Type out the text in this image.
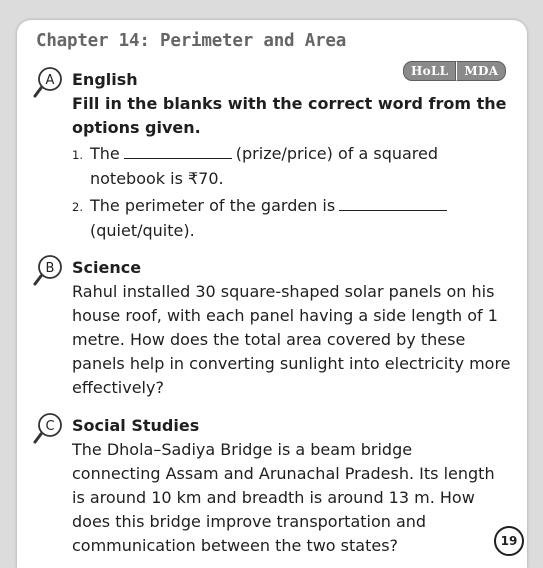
Chapter 14: Perimeter and Area
HoLL	MDA
A English
Fill in the blanks with the correct word from the options given.
1. The	(prize/price) of a squared
notebook is ₹70.
2. The perimeter of the garden is
(quiet/quite).
B Science
Rahul installed 30 square-shaped solar panels on his house roof, with each panel having a side length of 1 metre. How does the total area covered by these panels help in converting sunlight into electricity more effectively?
C Social Studies
The Dhola–Sadiya Bridge is a beam bridge connecting Assam and Arunachal Pradesh. Its length is around 10 km and breadth is around 13 m. How does this bridge improve transportation and communication between the two states?	19
